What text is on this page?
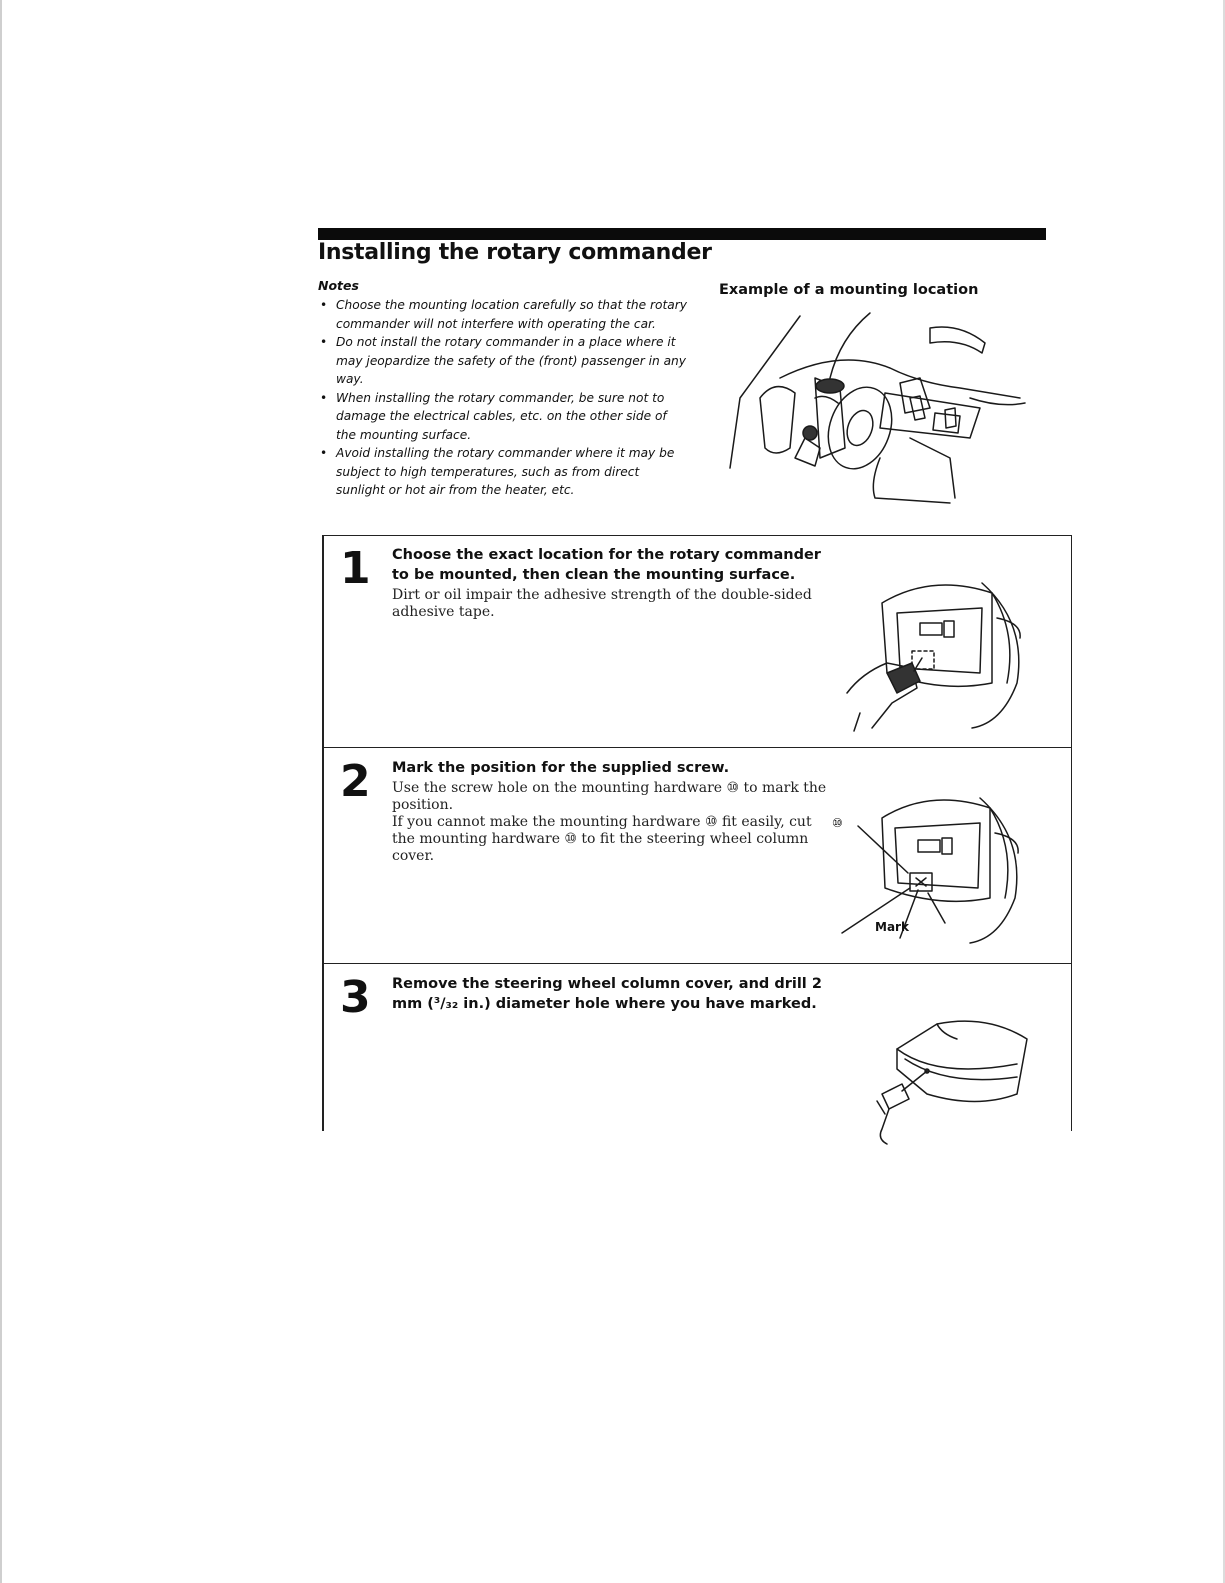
Installing the rotary commander
Notes
• Choose the mounting location carefully so that the rotary commander will not interfere with operating the car.
• Do not install the rotary commander in a place where it may jeopardize the safety of the (front) passenger in any way.
• When installing the rotary commander, be sure not to damage the electrical cables, etc. on the other side of the mounting surface.
• Avoid installing the rotary commander where it may be subject to high temperatures, such as from direct sunlight or hot air from the heater, etc.
Example of a mounting location
1 Choose the exact location for the rotary commander to be mounted, then clean the mounting surface.

Dirt or oil impair the adhesive strength of the double-sided adhesive tape.

2 Mark the position for the supplied screw.

Use the screw hole on the mounting hardware ⑩ to mark the position.

If you cannot make the mounting hardware ⑩ fit easily, cut the mounting hardware ⑩ to fit the steering wheel column cover.

⑩
Mark
3 Remove the steering wheel column cover, and drill 2 mm (³/₃₂ in.) diameter hole where you have marked.
